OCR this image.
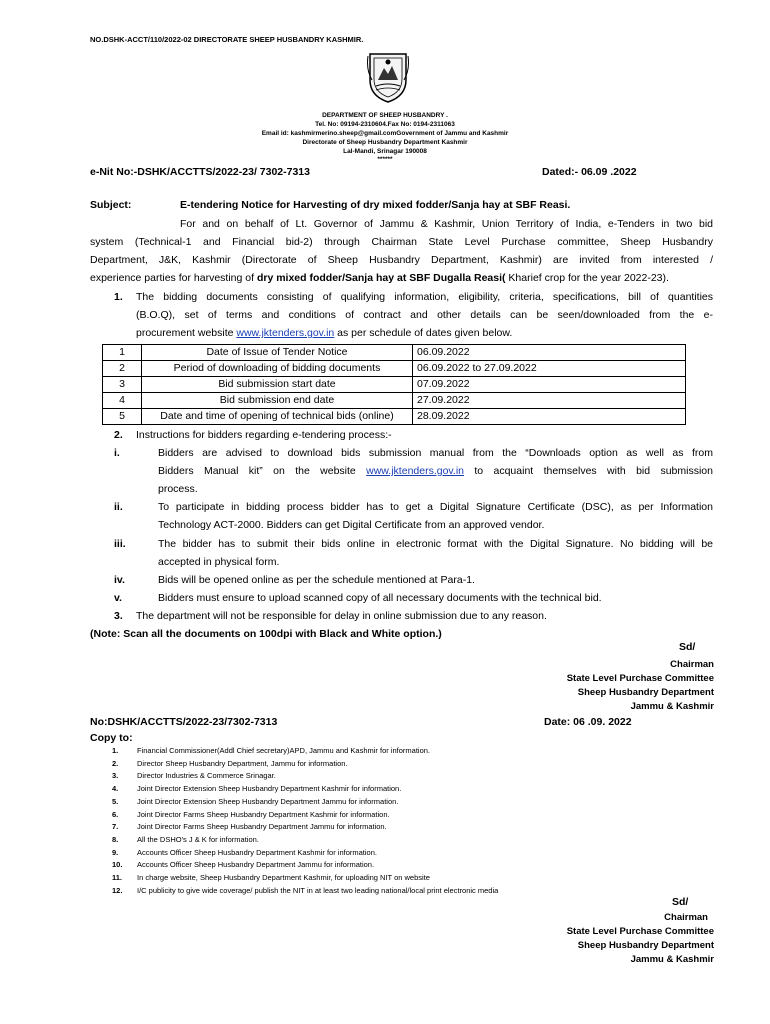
NO.DSHK-ACCT/110/2022-02 DIRECTORATE SHEEP HUSBANDRY KASHMIR.
DEPARTMENT OF SHEEP HUSBANDRY .
Tel. No: 09194-2310604.Fax No: 0194-2311063
Email id: kashmirmerino.sheep@gmail.comGovernment of Jammu and Kashmir
Directorate of Sheep Husbandry Department Kashmir
Lal-Mandi, Srinagar 190008
******
e-Nit No:-DSHK/ACCTTS/2022-23/ 7302-7313	Dated:- 06.09 .2022
Subject:	E-tendering Notice for Harvesting of dry mixed fodder/Sanja hay at SBF Reasi.
For and on behalf of Lt. Governor of Jammu & Kashmir, Union Territory of India, e-Tenders in two bid
system (Technical-1 and Financial bid-2) through Chairman State Level Purchase committee, Sheep Husbandry
Department, J&K, Kashmir (Directorate of Sheep Husbandry Department, Kashmir) are invited from interested /
experience parties for harvesting of dry mixed fodder/Sanja hay at SBF Dugalla Reasi( Kharief crop for the year 2022-23).
1. The bidding documents consisting of qualifying information, eligibility, criteria, specifications, bill of quantities
(B.O.Q), set of terms and conditions of contract and other details can be seen/downloaded from the e-
procurement website www.jktenders.gov.in as per schedule of dates given below.
1	Date of Issue of Tender Notice	06.09.2022
2	Period of downloading of bidding documents	06.09.2022 to 27.09.2022
3	Bid submission start date	07.09.2022
4	Bid submission end date	27.09.2022
5	Date and time of opening of technical bids (online)	28.09.2022
2. Instructions for bidders regarding e-tendering process:-
i.	Bidders are advised to download bids submission manual from the “Downloads option as well as from
Bidders Manual kit” on the website www.jktenders.gov.in to acquaint themselves with bid submission
process.
ii.	To participate in bidding process bidder has to get a Digital Signature Certificate (DSC), as per Information
Technology ACT-2000. Bidders can get Digital Certificate from an approved vendor.
iii.	The bidder has to submit their bids online in electronic format with the Digital Signature. No bidding will be
accepted in physical form.
iv.	Bids will be opened online as per the schedule mentioned at Para-1.
v.	Bidders must ensure to upload scanned copy of all necessary documents with the technical bid.
3. The department will not be responsible for delay in online submission due to any reason.
(Note: Scan all the documents on 100dpi with Black and White option.)
Sd/
Chairman
State Level Purchase Committee
Sheep Husbandry Department
Jammu & Kashmir
No:DSHK/ACCTTS/2022-23/7302-7313	Date: 06 .09. 2022
Copy to:
1.	Financial Commissioner(Addl Chief secretary)APD, Jammu and Kashmir for information.
2.	Director Sheep Husbandry Department, Jammu for information.
3.	Director Industries & Commerce Srinagar.
4.	Joint Director Extension Sheep Husbandry Department Kashmir for information.
5.	Joint Director Extension Sheep Husbandry Department Jammu for information.
6.	Joint Director Farms Sheep Husbandry Department Kashmir for information.
7.	Joint Director Farms Sheep Husbandry Department Jammu for information.
8.	All the DSHO's J & K for information.
9.	Accounts Officer Sheep Husbandry Department Kashmir for information.
10.	Accounts Officer Sheep Husbandry Department Jammu for information.
11.	In charge website, Sheep Husbandry Department Kashmir, for uploading NIT on website
12.	I/C publicity to give wide coverage/ publish the NIT in at least two leading national/local print electronic media
Sd/
Chairman
State Level Purchase Committee
Sheep Husbandry Department
Jammu & Kashmir
